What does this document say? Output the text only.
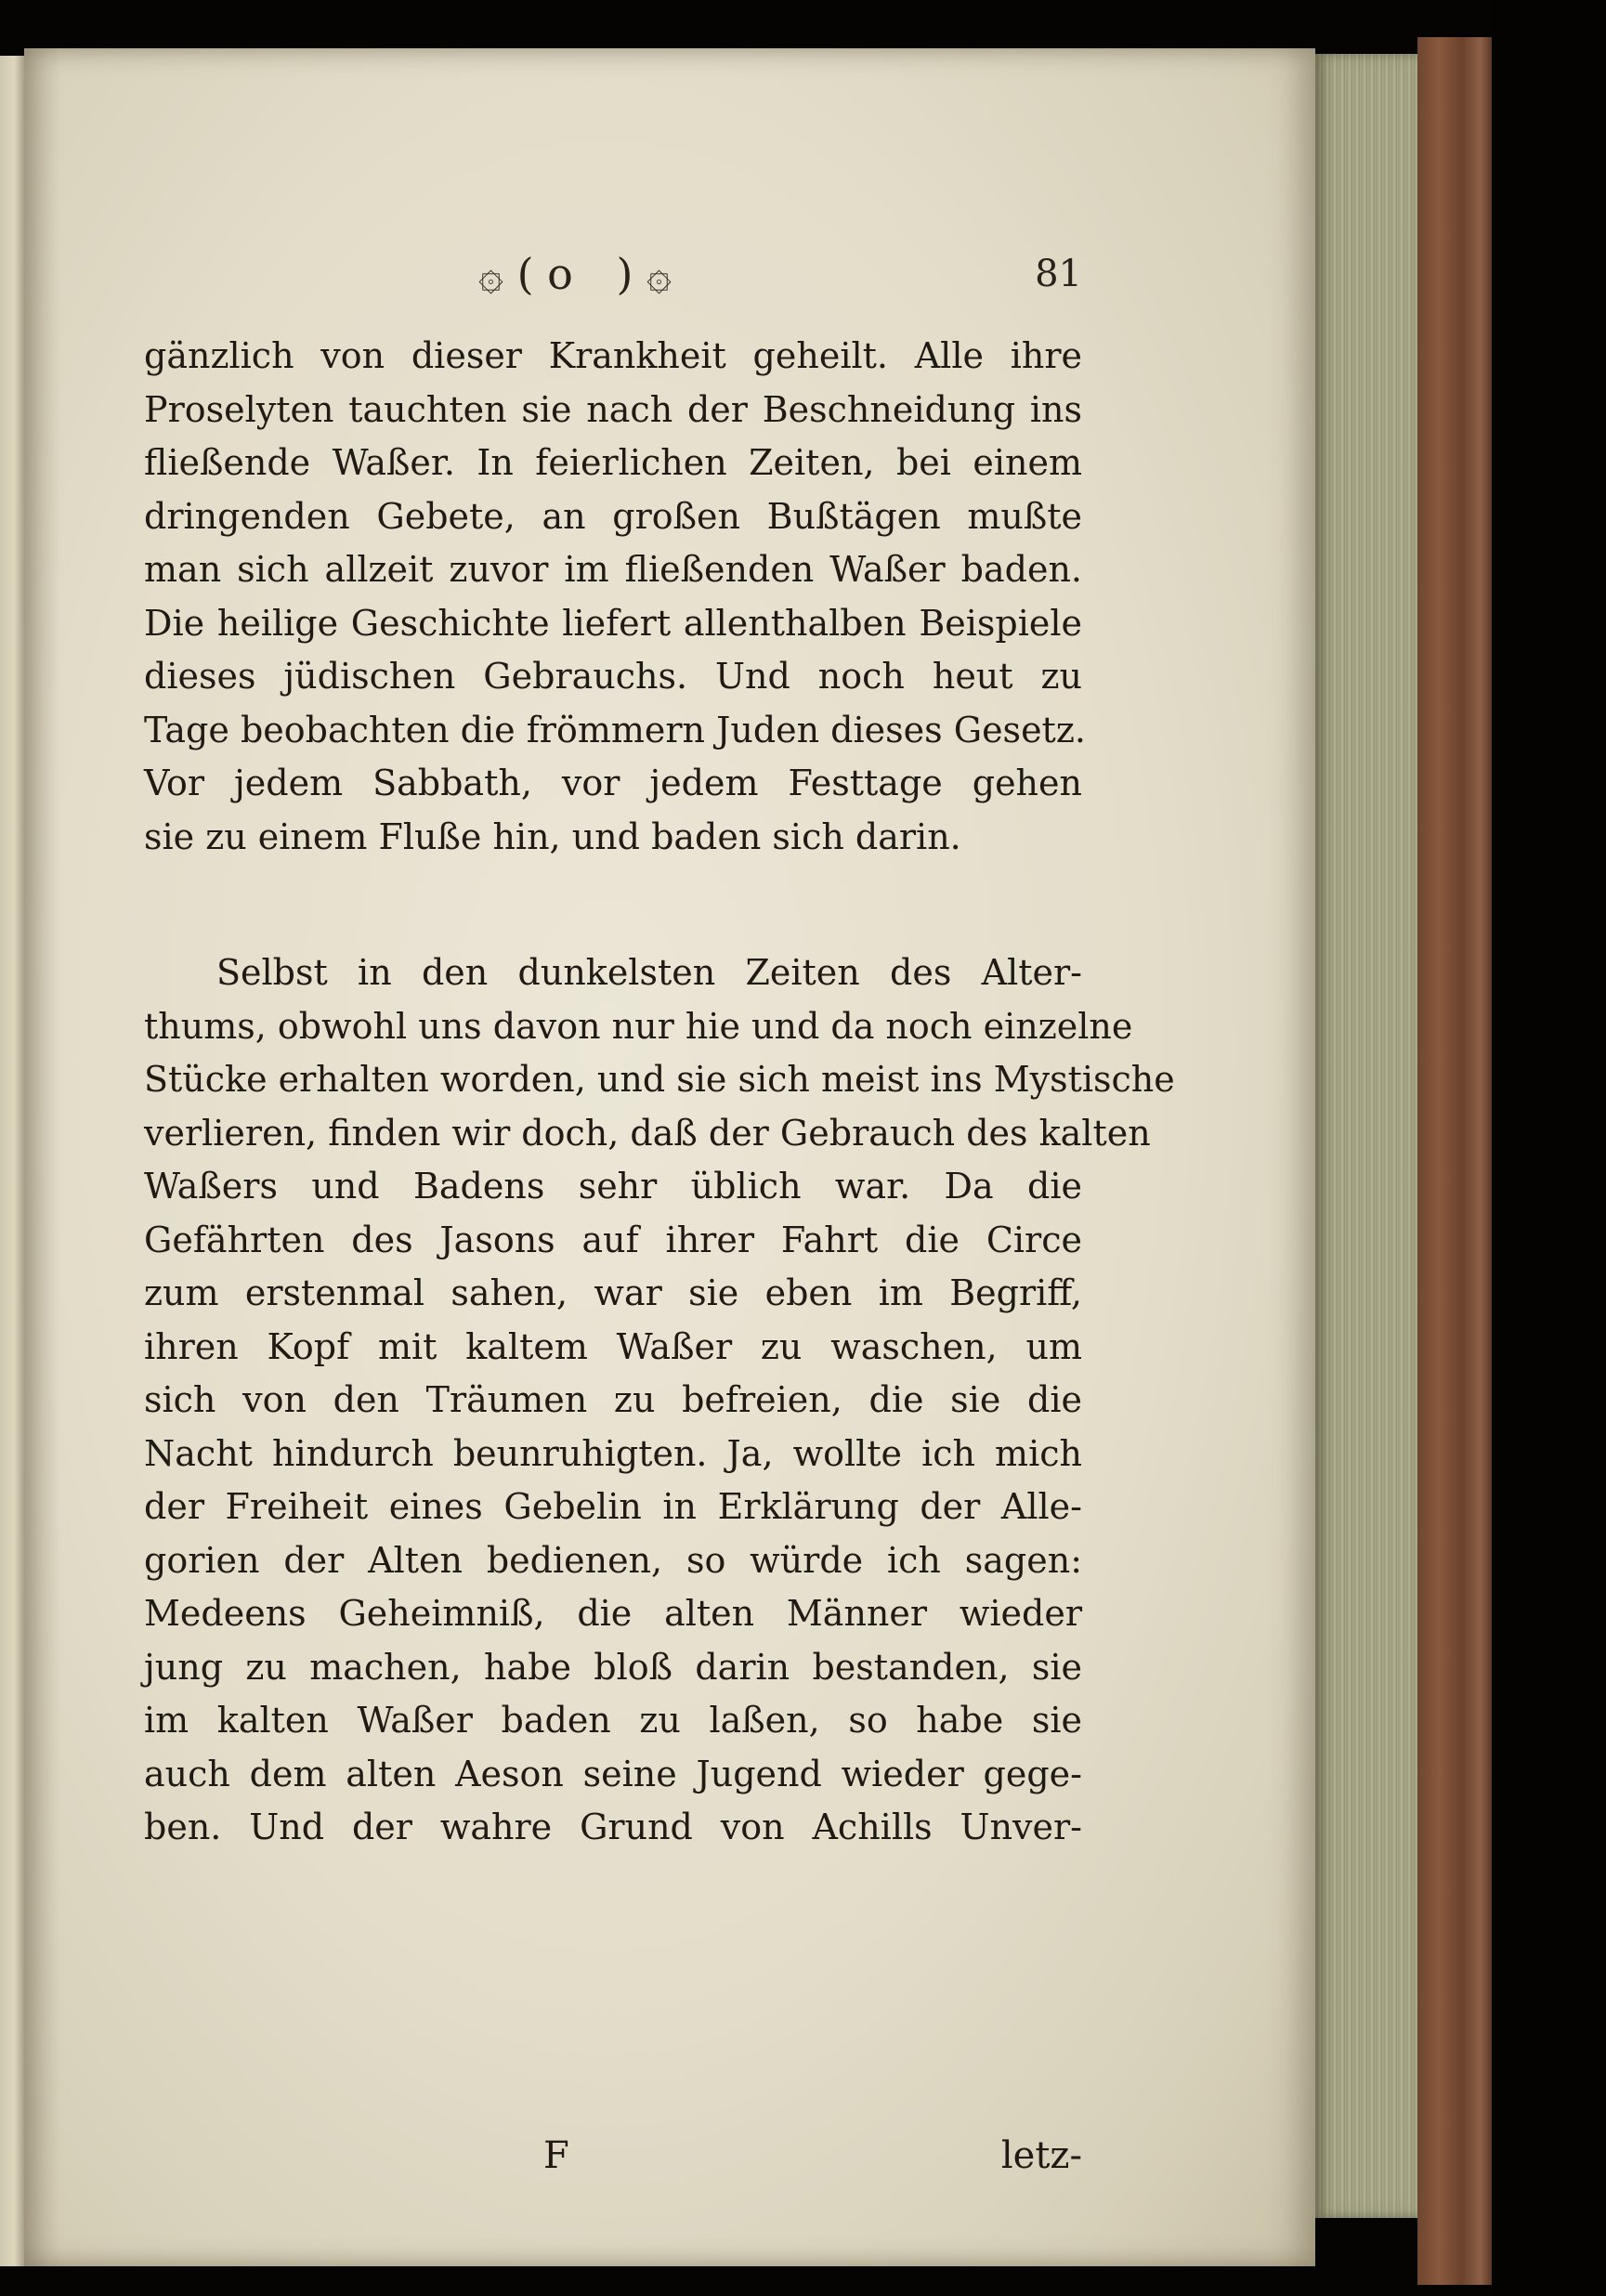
۞ ( o ) ۞	81
gänzlich von dieser Krankheit geheilt. Alle ihre
Proselyten tauchten sie nach der Beschneidung ins
fließende Waßer. In feierlichen Zeiten, bei einem
dringenden Gebete, an großen Bußtägen mußte
man sich allzeit zuvor im fließenden Waßer baden.
Die heilige Geschichte liefert allenthalben Beispiele
dieses jüdischen Gebrauchs. Und noch heut zu
Tage beobachten die frömmern Juden dieses Gesetz.
Vor jedem Sabbath, vor jedem Festtage gehen
sie zu einem Fluße hin, und baden sich darin.
Selbst in den dunkelsten Zeiten des Alter-
thums, obwohl uns davon nur hie und da noch einzelne
Stücke erhalten worden, und sie sich meist ins Mystische
verlieren, finden wir doch, daß der Gebrauch des kalten
Waßers und Badens sehr üblich war. Da die
Gefährten des Jasons auf ihrer Fahrt die Circe
zum erstenmal sahen, war sie eben im Begriff,
ihren Kopf mit kaltem Waßer zu waschen, um
sich von den Träumen zu befreien, die sie die
Nacht hindurch beunruhigten. Ja, wollte ich mich
der Freiheit eines Gebelin in Erklärung der Alle-
gorien der Alten bedienen, so würde ich sagen:
Medeens Geheimniß, die alten Männer wieder
jung zu machen, habe bloß darin bestanden, sie
im kalten Waßer baden zu laßen, so habe sie
auch dem alten Aeson seine Jugend wieder gege-
ben. Und der wahre Grund von Achills Unver-
F	letz-
